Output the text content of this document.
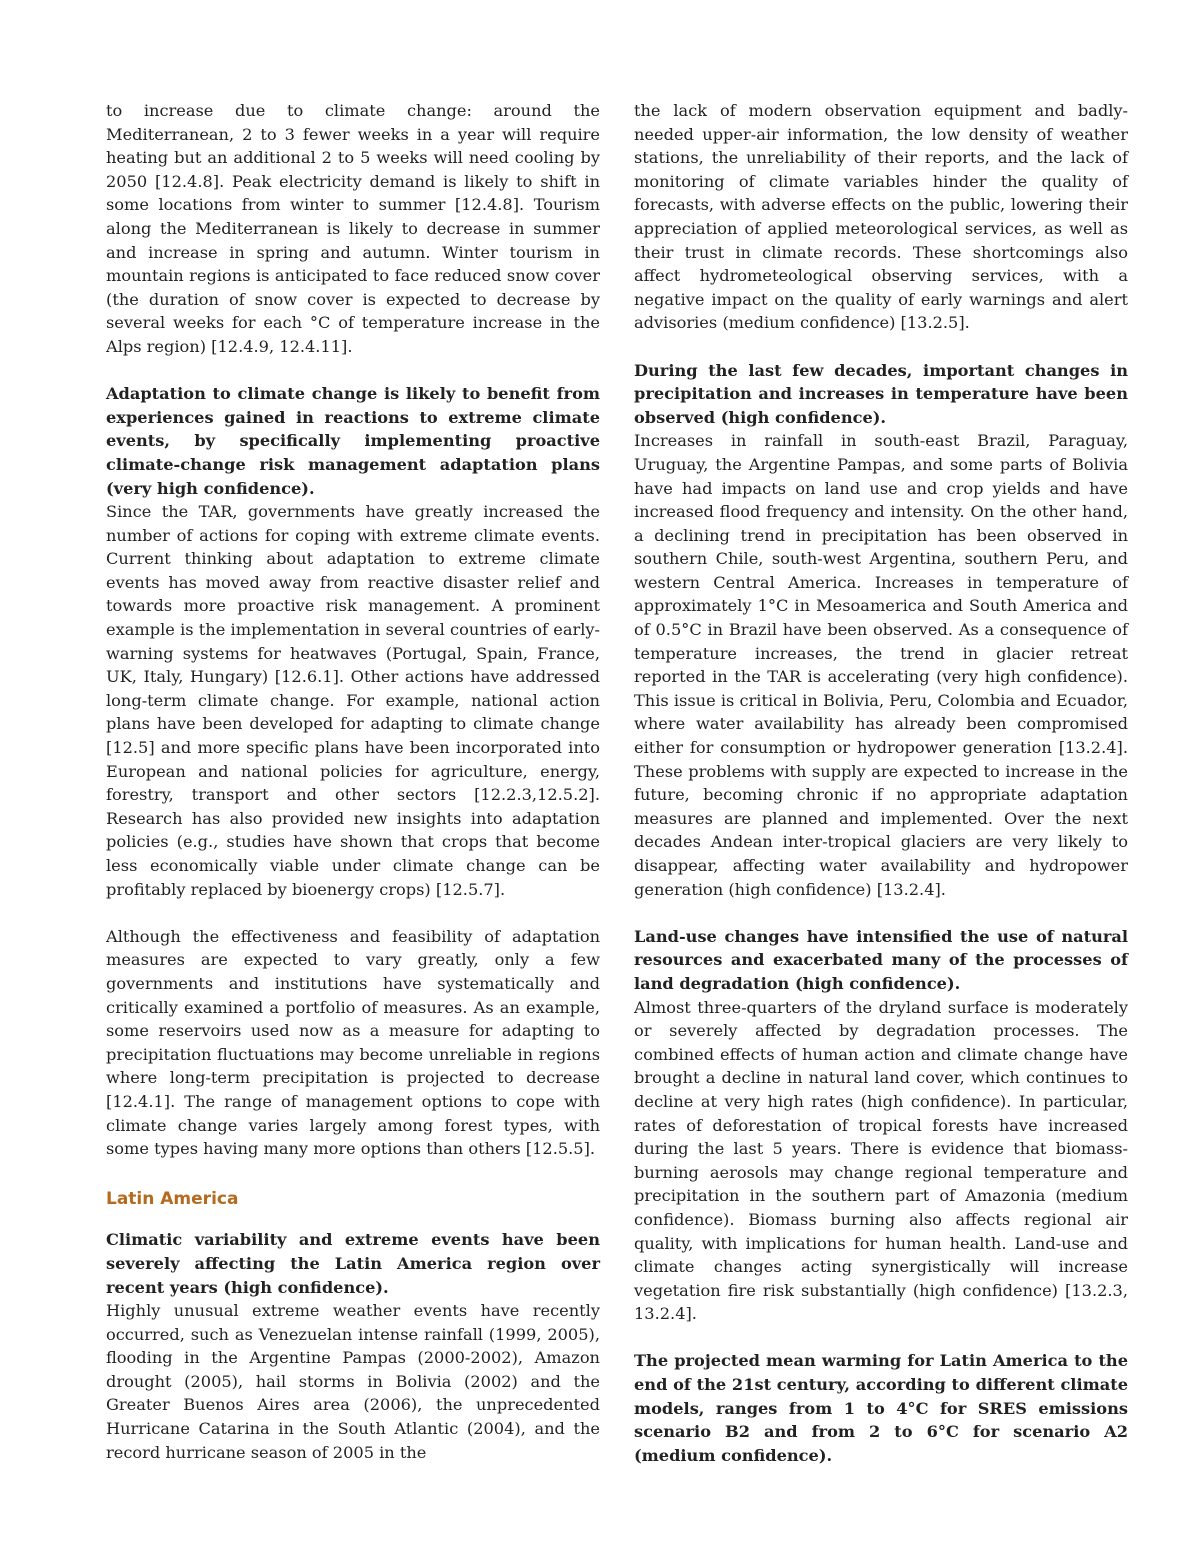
to increase due to climate change: around the Mediterranean, 2 to 3 fewer weeks in a year will require heating but an additional 2 to 5 weeks will need cooling by 2050 [12.4.8]. Peak electricity demand is likely to shift in some locations from winter to summer [12.4.8]. Tourism along the Mediterranean is likely to decrease in summer and increase in spring and autumn. Winter tourism in mountain regions is anticipated to face reduced snow cover (the duration of snow cover is expected to decrease by several weeks for each °C of temperature increase in the Alps region) [12.4.9, 12.4.11].

Adaptation to climate change is likely to benefit from experiences gained in reactions to extreme climate events, by specifically implementing proactive climate-change risk management adaptation plans (very high confidence).
Since the TAR, governments have greatly increased the number of actions for coping with extreme climate events. Current thinking about adaptation to extreme climate events has moved away from reactive disaster relief and towards more proactive risk management. A prominent example is the implementation in several countries of early-warning systems for heatwaves (Portugal, Spain, France, UK, Italy, Hungary) [12.6.1]. Other actions have addressed long-term climate change. For example, national action plans have been developed for adapting to climate change [12.5] and more specific plans have been incorporated into European and national policies for agriculture, energy, forestry, transport and other sectors [12.2.3,12.5.2]. Research has also provided new insights into adaptation policies (e.g., studies have shown that crops that become less economically viable under climate change can be profitably replaced by bioenergy crops) [12.5.7].

Although the effectiveness and feasibility of adaptation measures are expected to vary greatly, only a few governments and institutions have systematically and critically examined a portfolio of measures. As an example, some reservoirs used now as a measure for adapting to precipitation fluctuations may become unreliable in regions where long-term precipitation is projected to decrease [12.4.1]. The range of management options to cope with climate change varies largely among forest types, with some types having many more options than others [12.5.5].

Latin America

Climatic variability and extreme events have been severely affecting the Latin America region over recent years (high confidence).
Highly unusual extreme weather events have recently occurred, such as Venezuelan intense rainfall (1999, 2005), flooding in the Argentine Pampas (2000-2002), Amazon drought (2005), hail storms in Bolivia (2002) and the Greater Buenos Aires area (2006), the unprecedented Hurricane Catarina in the South Atlantic (2004), and the record hurricane season of 2005 in the

the lack of modern observation equipment and badly-needed upper-air information, the low density of weather stations, the unreliability of their reports, and the lack of monitoring of climate variables hinder the quality of forecasts, with adverse effects on the public, lowering their appreciation of applied meteorological services, as well as their trust in climate records. These shortcomings also affect hydrometeological observing services, with a negative impact on the quality of early warnings and alert advisories (medium confidence) [13.2.5].

During the last few decades, important changes in precipitation and increases in temperature have been observed (high confidence).
Increases in rainfall in south-east Brazil, Paraguay, Uruguay, the Argentine Pampas, and some parts of Bolivia have had impacts on land use and crop yields and have increased flood frequency and intensity. On the other hand, a declining trend in precipitation has been observed in southern Chile, south-west Argentina, southern Peru, and western Central America. Increases in temperature of approximately 1°C in Mesoamerica and South America and of 0.5°C in Brazil have been observed. As a consequence of temperature increases, the trend in glacier retreat reported in the TAR is accelerating (very high confidence). This issue is critical in Bolivia, Peru, Colombia and Ecuador, where water availability has already been compromised either for consumption or hydropower generation [13.2.4]. These problems with supply are expected to increase in the future, becoming chronic if no appropriate adaptation measures are planned and implemented. Over the next decades Andean inter-tropical glaciers are very likely to disappear, affecting water availability and hydropower generation (high confidence) [13.2.4].

Land-use changes have intensified the use of natural resources and exacerbated many of the processes of land degradation (high confidence).
Almost three-quarters of the dryland surface is moderately or severely affected by degradation processes. The combined effects of human action and climate change have brought a decline in natural land cover, which continues to decline at very high rates (high confidence). In particular, rates of deforestation of tropical forests have increased during the last 5 years. There is evidence that biomass-burning aerosols may change regional temperature and precipitation in the southern part of Amazonia (medium confidence). Biomass burning also affects regional air quality, with implications for human health. Land-use and climate changes acting synergistically will increase vegetation fire risk substantially (high confidence) [13.2.3, 13.2.4].

The projected mean warming for Latin America to the end of the 21st century, according to different climate models, ranges from 1 to 4°C for SRES emissions scenario B2 and from 2 to 6°C for scenario A2 (medium confidence).
